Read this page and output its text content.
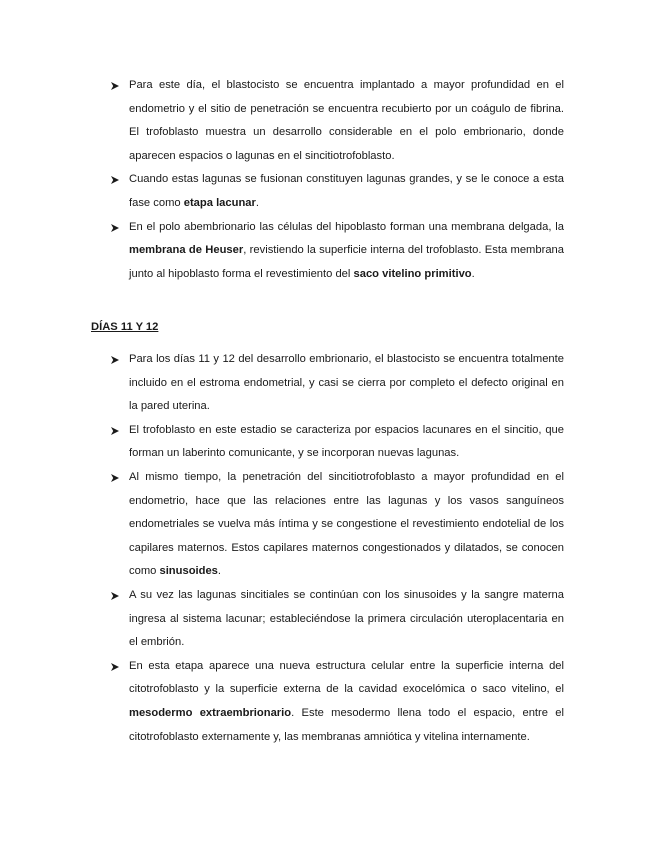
Para este día, el blastocisto se encuentra implantado a mayor profundidad en el endometrio y el sitio de penetración se encuentra recubierto por un coágulo de fibrina. El trofoblasto muestra un desarrollo considerable en el polo embrionario, donde aparecen espacios o lagunas en el sincitiotrofoblasto.
Cuando estas lagunas se fusionan constituyen lagunas grandes, y se le conoce a esta fase como etapa lacunar.
En el polo abembrionario las células del hipoblasto forman una membrana delgada, la membrana de Heuser, revistiendo la superficie interna del trofoblasto. Esta membrana junto al hipoblasto forma el revestimiento del saco vitelino primitivo.

DÍAS 11 Y 12

Para los días 11 y 12 del desarrollo embrionario, el blastocisto se encuentra totalmente incluido en el estroma endometrial, y casi se cierra por completo el defecto original en la pared uterina.
El trofoblasto en este estadio se caracteriza por espacios lacunares en el sincitio, que forman un laberinto comunicante, y se incorporan nuevas lagunas.
Al mismo tiempo, la penetración del sincitiotrofoblasto a mayor profundidad en el endometrio, hace que las relaciones entre las lagunas y los vasos sanguíneos endometriales se vuelva más íntima y se congestione el revestimiento endotelial de los capilares maternos. Estos capilares maternos congestionados y dilatados, se conocen como sinusoides.
A su vez las lagunas sincitiales se continúan con los sinusoides y la sangre materna ingresa al sistema lacunar; estableciéndose la primera circulación uteroplacentaria en el embrión.
En esta etapa aparece una nueva estructura celular entre la superficie interna del citotrofoblasto y la superficie externa de la cavidad exocelómica o saco vitelino, el mesodermo extraembrionario. Este mesodermo llena todo el espacio, entre el citotrofoblasto externamente y, las membranas amniótica y vitelina internamente.
